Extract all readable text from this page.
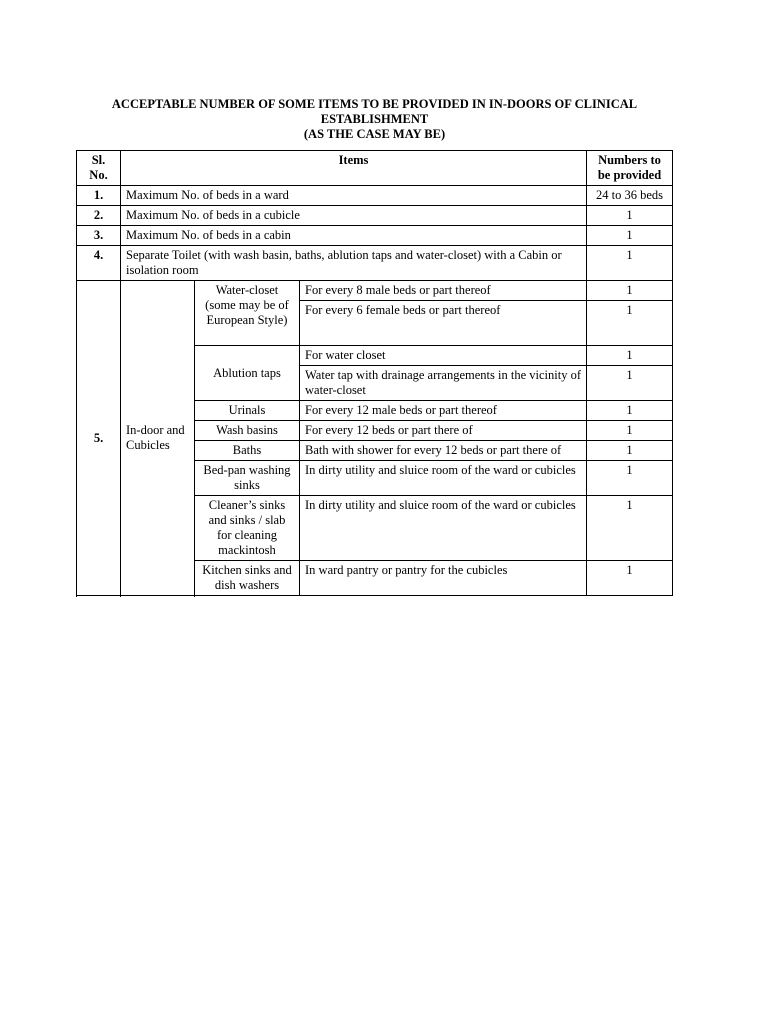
ACCEPTABLE NUMBER OF SOME ITEMS TO BE PROVIDED IN IN-DOORS OF CLINICAL
ESTABLISHMENT
(AS THE CASE MAY BE)
Sl. No.	Items			Numbers to be provided
1.	Maximum No. of beds in a ward			24 to 36 beds
2.	Maximum No. of beds in a cubicle			1
3.	Maximum No. of beds in a cabin			1
4.	Separate Toilet (with wash basin, baths, ablution taps and water-closet) with a Cabin or isolation room			1
5.	In-door and Cubicles	Water-closet (some may be of European Style)	For every 8 male beds or part thereof	1
			For every 6 female beds or part thereof	1
		Ablution taps	For water closet	1
			Water tap with drainage arrangements in the vicinity of water-closet	1
		Urinals	For every 12 male beds or part thereof	1
		Wash basins	For every 12 beds or part there of	1
		Baths	Bath with shower for every 12 beds or part there of	1
		Bed-pan washing sinks	In dirty utility and sluice room of the ward or cubicles	1
		Cleaner’s sinks and sinks / slab for cleaning mackintosh	In dirty utility and sluice room of the ward or cubicles	1
		Kitchen sinks and dish washers	In ward pantry or pantry for the cubicles	1
